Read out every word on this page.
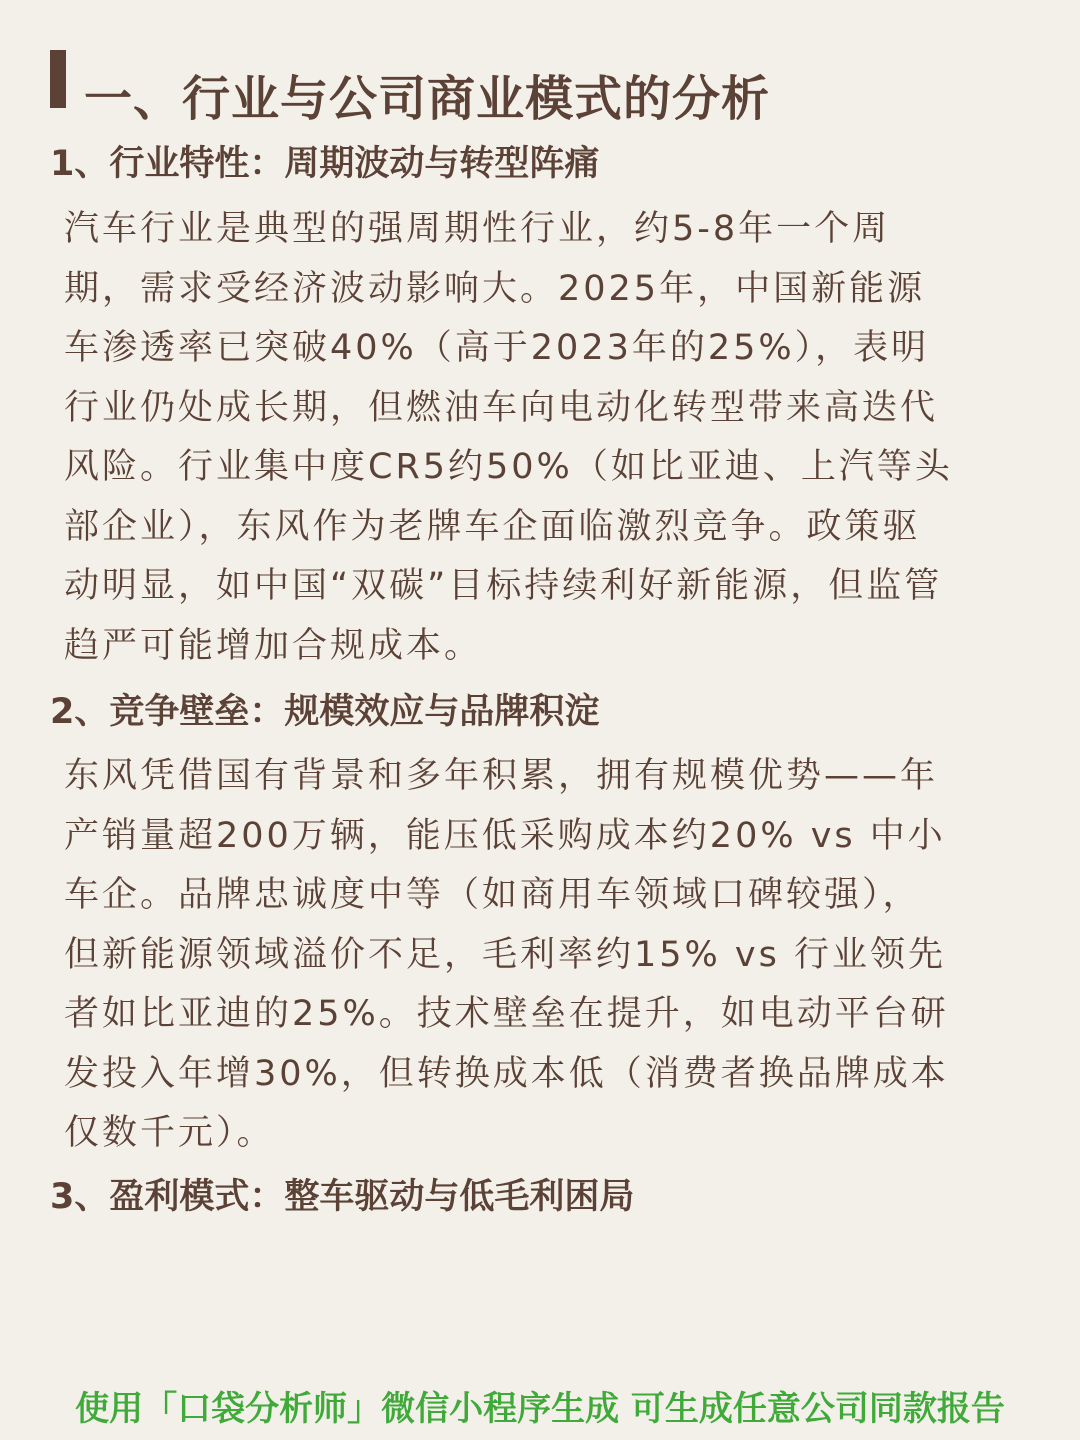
一、行业与公司商业模式的分析
1、行业特性：周期波动与转型阵痛

汽车行业是典型的强周期性行业，约5-8年一个周
期，需求受经济波动影响大。2025年，中国新能源
车渗透率已突破40%（高于2023年的25%），表明
行业仍处成长期，但燃油车向电动化转型带来高迭代
风险。行业集中度CR5约50%（如比亚迪、上汽等头
部企业），东风作为老牌车企面临激烈竞争。政策驱
动明显，如中国“双碳”目标持续利好新能源，但监管
趋严可能增加合规成本。

2、竞争壁垒：规模效应与品牌积淀

东风凭借国有背景和多年积累，拥有规模优势——年
产销量超200万辆，能压低采购成本约20% vs 中小
车企。品牌忠诚度中等（如商用车领域口碑较强），
但新能源领域溢价不足，毛利率约15% vs 行业领先
者如比亚迪的25%。技术壁垒在提升，如电动平台研
发投入年增30%，但转换成本低（消费者换品牌成本
仅数千元）。

3、盈利模式：整车驱动与低毛利困局
使用「口袋分析师」微信小程序生成 可生成任意公司同款报告
